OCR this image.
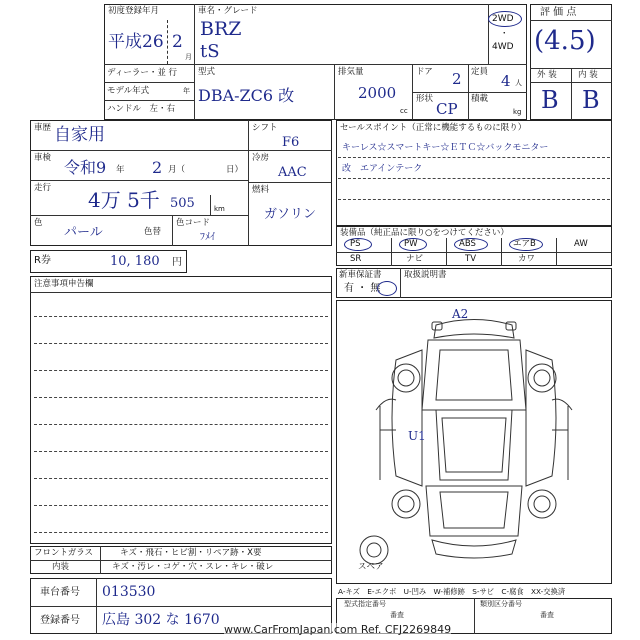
初度登録年月
平成26 2
月
車名・グレード
BRZ
tS
2WD
・
4WD
ディーラー・並 行
モデル年式	年
ハンドル　左・右
型式
DBA-ZC6 改
排気量
2000
cc
ドア 2
形状
CP
定員 4 人
積載
kg
評 価 点
(4.5)
外 装	内 装
B B
車歴 自家用
車検 令和9 年 2 月（	日）
走行 4万 5千 505	km
色
パール	色替
色コード
ﾌﾒｲ
シフト
F6
冷房
AAC
燃料
ガソリン
R券	10, 180 円
セールスポイント（正常に機能するものに限り）
キーレス☆スマートキー☆ＥＴＣ☆バックモニター
改　エアインテーク
装備品（純正品に限り○をつけてください）
PS	PW	ABS	エアB	AW
SR	ナビ	TV	カワ
新車保証書
有 ・ 無
取扱説明書
注意事項申告欄
A2
U1
スペア
フロントガラス	キズ・飛石・ヒビ割・リペア跡・X要
内装	キズ・汚レ・コゲ・穴・スレ・キレ・破レ
車台番号 013530
登録番号 広島 302 な 1670
A-キズ　E-エクボ　U-凹み　W-補修跡　S-サビ　C-腐食　XX-交換済
型式指定番号
番査
類別区分番号
番査
www.CarFromJapan.com Ref. CFJ2269849
